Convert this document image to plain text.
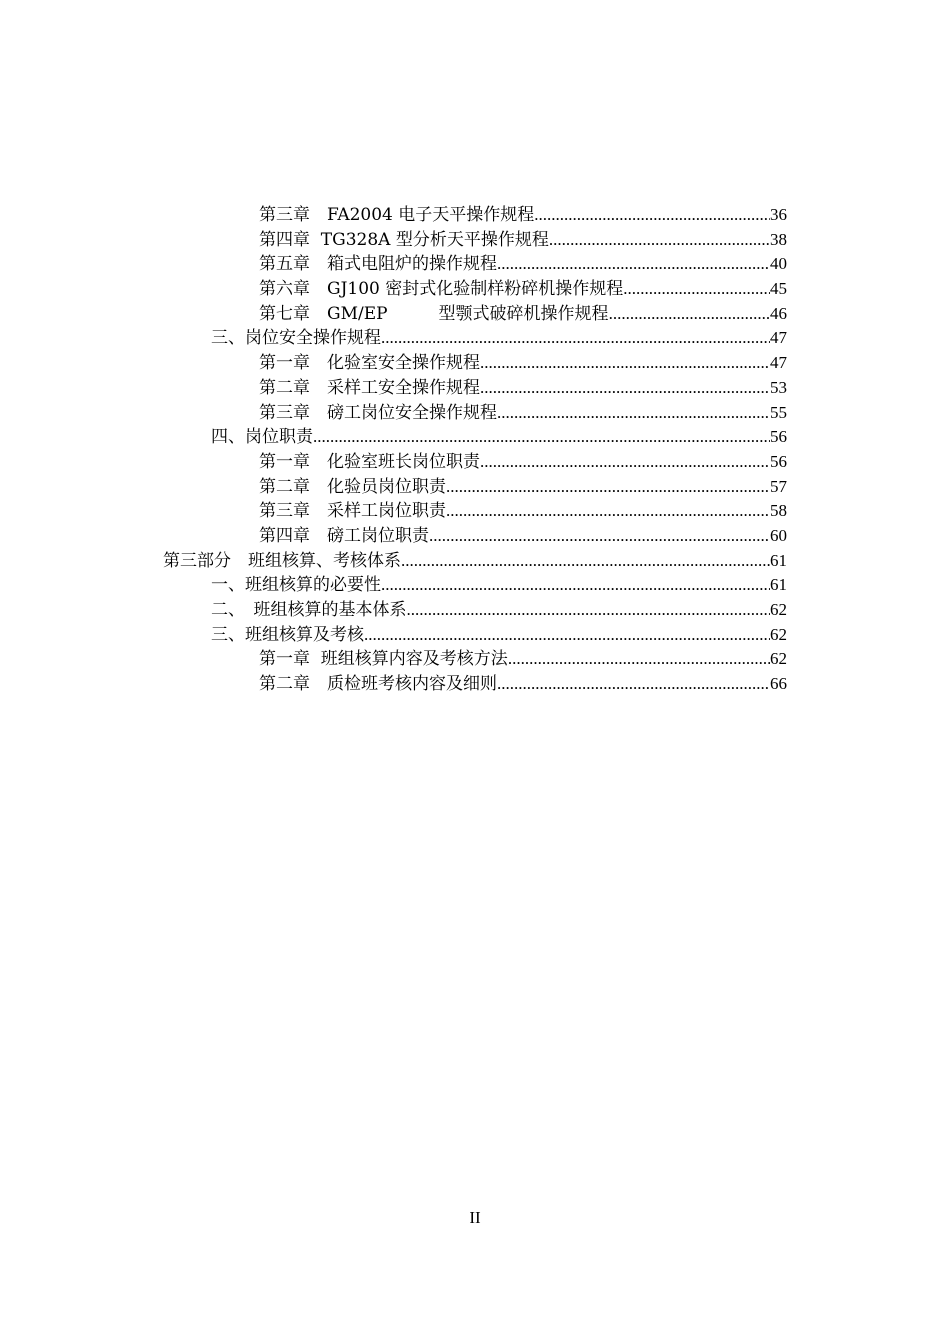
第三章　FA2004 电子天平操作规程 .....	36
第四章  TG328A 型分析天平操作规程 .....	38
第五章　箱式电阻炉的操作规程 .....	40
第六章　GJ100 密封式化验制样粉碎机操作规程 .....	45
第七章　GM/EP　　　型颚式破碎机操作规程 .....	46
三、岗位安全操作规程 .....	47
第一章　化验室安全操作规程 .....	47
第二章　采样工安全操作规程 .....	53
第三章　磅工岗位安全操作规程 .....	55
四、岗位职责 .....	56
第一章　化验室班长岗位职责 .....	56
第二章　化验员岗位职责 .....	57
第三章　采样工岗位职责 .....	58
第四章　磅工岗位职责 .....	60
第三部分　班组核算、考核体系 .....	61
一、班组核算的必要性 .....	61
二、　班组核算的基本体系 .....	62
三、班组核算及考核 .....	62
第一章  班组核算内容及考核方法 .....	62
第二章　质检班考核内容及细则 .....	66
II
